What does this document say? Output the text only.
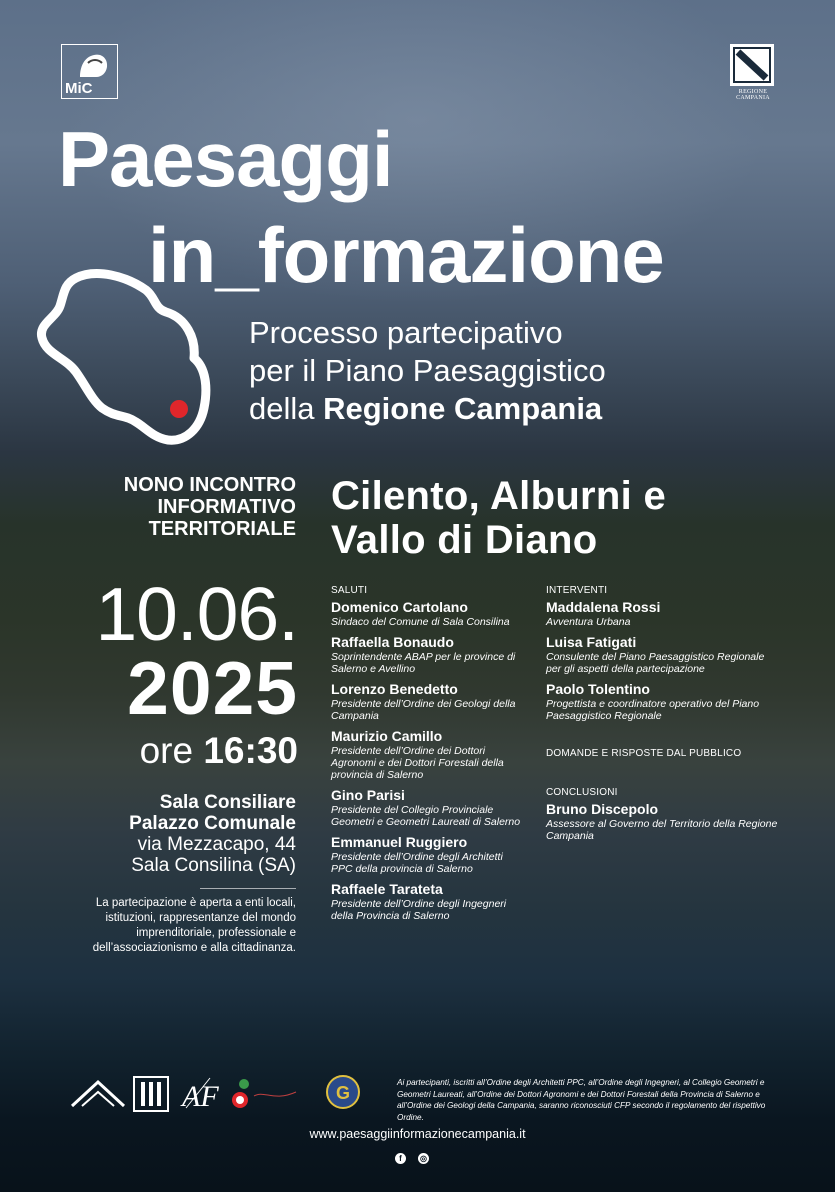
MiC	REGIONE CAMPANIA
Paesaggi
in_formazione
Processo partecipativo
per il Piano Paesaggistico
della Regione Campania
NONO INCONTRO
INFORMATIVO
TERRITORIALE
Cilento, Alburni e
Vallo di Diano
10.06.
2025
ore 16:30
Sala Consiliare
Palazzo Comunale
via Mezzacapo, 44
Sala Consilina (SA)
La partecipazione è aperta a enti locali, istituzioni, rappresentanze del mondo imprenditoriale, professionale e dell’associazionismo e alla cittadinanza.
SALUTI
Domenico Cartolano
Sindaco del Comune di Sala Consilina
Raffaella Bonaudo
Soprintendente ABAP per le province di Salerno e Avellino
Lorenzo Benedetto
Presidente dell’Ordine dei Geologi della Campania
Maurizio Camillo
Presidente dell’Ordine dei Dottori Agronomi e dei Dottori Forestali della provincia di Salerno
Gino Parisi
Presidente del Collegio Provinciale Geometri e Geometri Laureati di Salerno
Emmanuel Ruggiero
Presidente dell’Ordine degli Architetti PPC della provincia di Salerno
Raffaele Tarateta
Presidente dell’Ordine degli Ingegneri della Provincia di Salerno
INTERVENTI
Maddalena Rossi
Avventura Urbana
Luisa Fatigati
Consulente del Piano Paesaggistico Regionale per gli aspetti della partecipazione
Paolo Tolentino
Progettista e coordinatore operativo del Piano Paesaggistico Regionale
DOMANDE E RISPOSTE DAL PUBBLICO
CONCLUSIONI
Bruno Discepolo
Assessore al Governo del Territorio della Regione Campania
AF	G
Ai partecipanti, iscritti all’Ordine degli Architetti PPC, all’Ordine degli Ingegneri, al Collegio Geometri e Geometri Laureati, all’Ordine dei Dottori Agronomi e dei Dottori Forestali della Provincia di Salerno e all’Ordine dei Geologi della Campania, saranno riconosciuti CFP secondo il regolamento del rispettivo Ordine.
www.paesaggiinformazionecampania.it
f ◎
